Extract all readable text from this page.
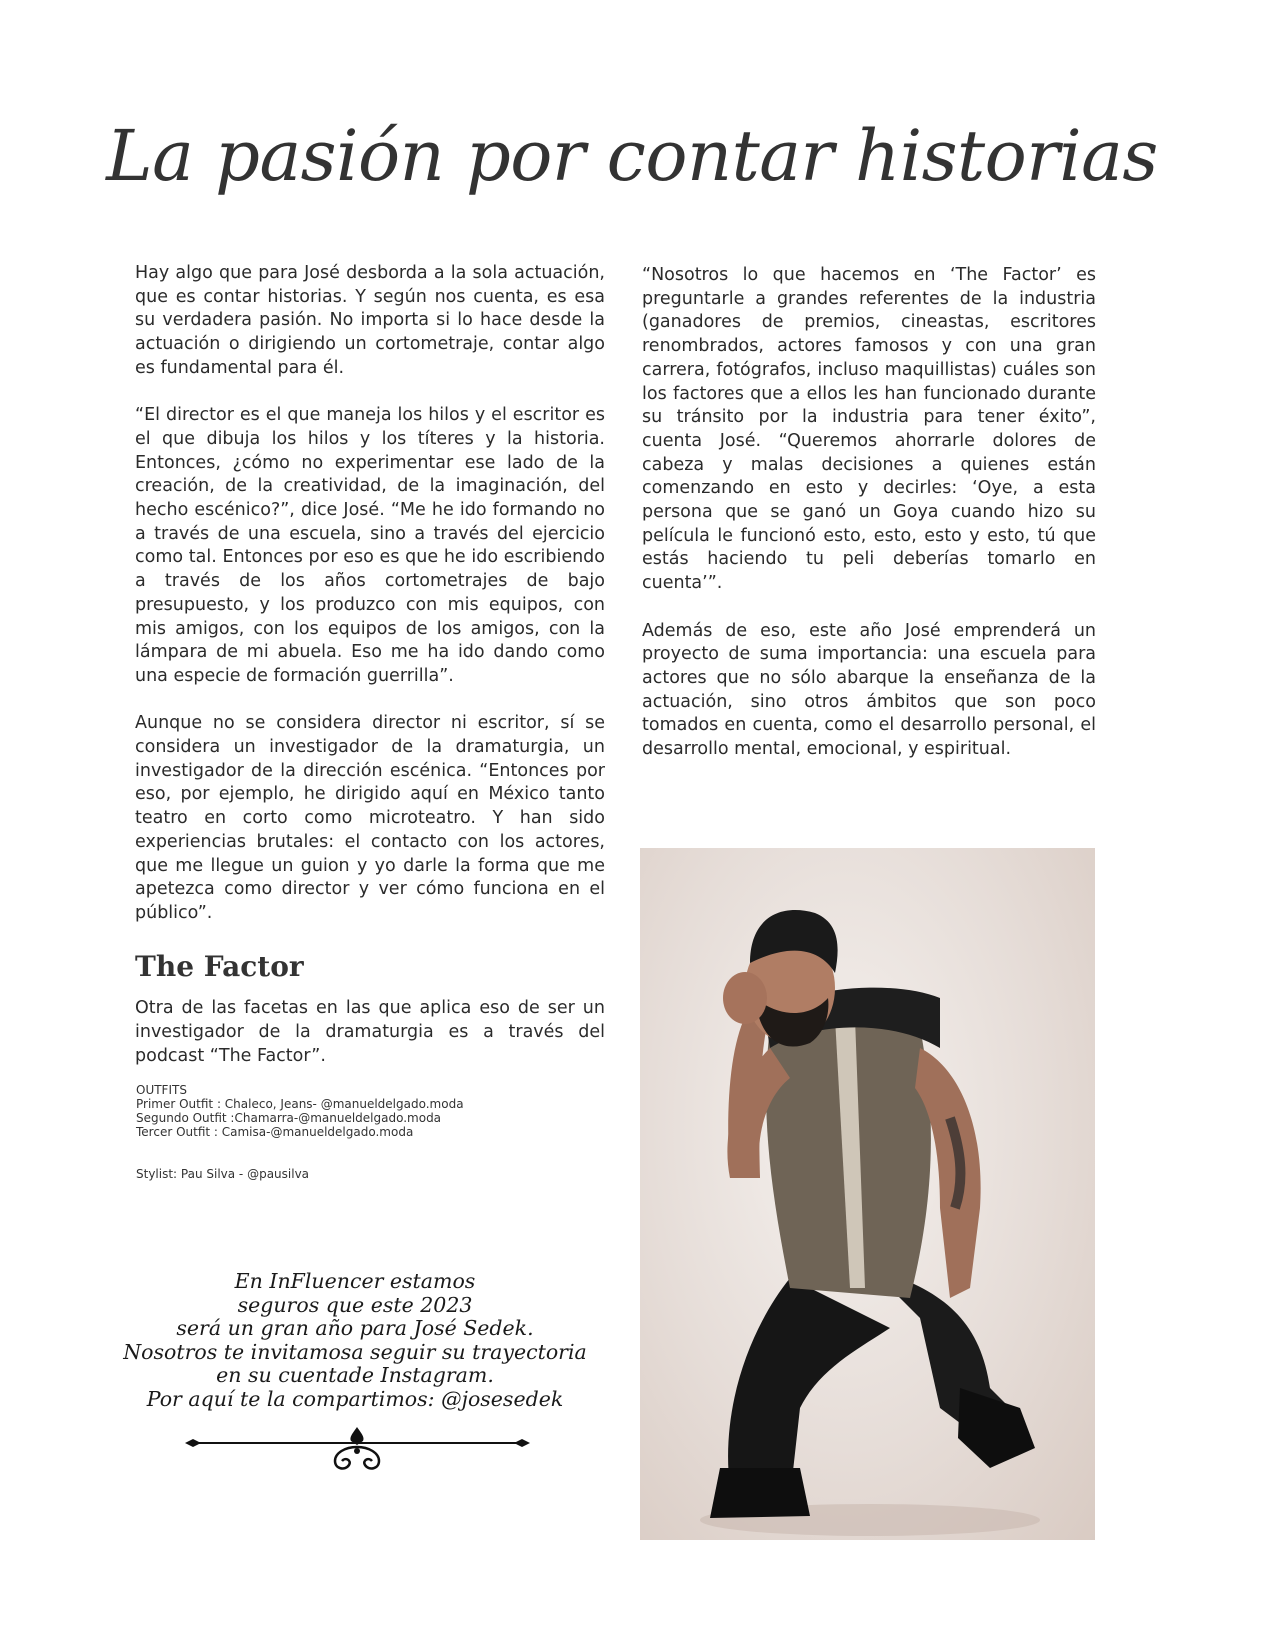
La pasión por contar historias

Hay algo que para José desborda a la sola actuación, que es contar historias. Y según nos cuenta, es esa su verdadera pasión. No importa si lo hace desde la actuación o dirigiendo un cortometraje, contar algo es fundamental para él.

“El director es el que maneja los hilos y el escritor es el que dibuja los hilos y los títeres y la historia. Entonces, ¿cómo no experimentar ese lado de la creación, de la creatividad, de la imaginación, del hecho escénico?”, dice José. “Me he ido formando no a través de una escuela, sino a través del ejercicio como tal. Entonces por eso es que he ido escribiendo a través de los años cortometrajes de bajo presupuesto, y los produzco con mis equipos, con mis amigos, con los equipos de los amigos, con la lámpara de mi abuela. Eso me ha ido dando como una especie de formación guerrilla”.

Aunque no se considera director ni escritor, sí se considera un investigador de la dramaturgia, un investigador de la dirección escénica. “Entonces por eso, por ejemplo, he dirigido aquí en México tanto teatro en corto como microteatro. Y han sido experiencias brutales: el contacto con los actores, que me llegue un guion y yo darle la forma que me apetezca como director y ver cómo funciona en el público”.

The Factor

Otra de las facetas en las que aplica eso de ser un investigador de la dramaturgia es a través del podcast “The Factor”.

“Nosotros lo que hacemos en ‘The Factor’ es preguntarle a grandes referentes de la industria (ganadores de premios, cineastas, escritores renombrados, actores famosos y con una gran carrera, fotógrafos, incluso maquillistas) cuáles son los factores que a ellos les han funcionado durante su tránsito por la industria para tener éxito”, cuenta José. “Queremos ahorrarle dolores de cabeza y malas decisiones a quienes están comenzando en esto y decirles: ‘Oye, a esta persona que se ganó un Goya cuando hizo su película le funcionó esto, esto, esto y esto, tú que estás haciendo tu peli deberías tomarlo en cuenta’”.

Además de eso, este año José emprenderá un proyecto de suma importancia: una escuela para actores que no sólo abarque la enseñanza de la actuación, sino otros ámbitos que son poco tomados en cuenta, como el desarrollo personal, el desarrollo mental, emocional, y espiritual.

OUTFITS
Primer Outfit : Chaleco, Jeans- @manueldelgado.moda
Segundo Outfit :Chamarra-@manueldelgado.moda
Tercer Outfit : Camisa-@manueldelgado.moda
Stylist: Pau Silva - @pausilva
En InFluencer estamos
seguros que este 2023
será un gran año para José Sedek.
Nosotros te invitamosa seguir su trayectoria
en su cuentade Instagram.
Por aquí te la compartimos: @josesedek
